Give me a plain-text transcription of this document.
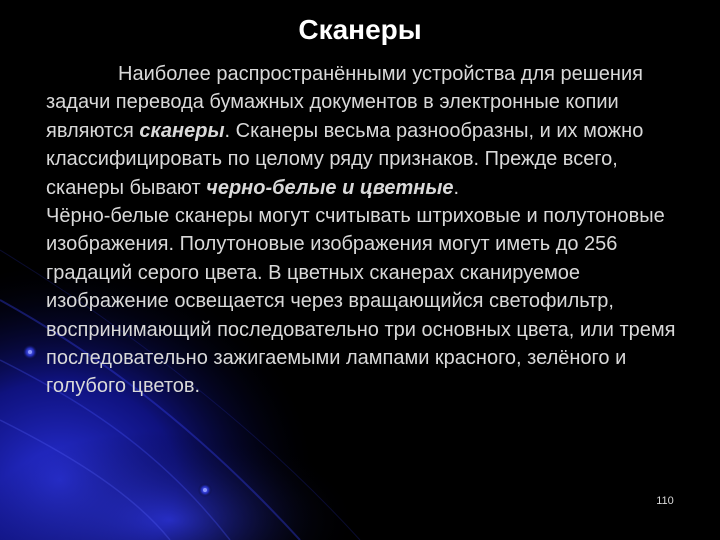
Сканеры

Наиболее распространёнными устройства для решения задачи перевода бумажных документов в электронные копии являются сканеры. Сканеры весьма разнообразны, и их можно классифицировать по целому ряду признаков. Прежде всего, сканеры бывают черно-белые и цветные.

Чёрно-белые сканеры могут считывать штриховые и полутоновые изображения. Полутоновые изображения могут иметь до 256 градаций серого цвета. В цветных сканерах сканируемое изображение освещается через вращающийся светофильтр, воспринимающий последовательно три основных цвета, или тремя последовательно зажигаемыми лампами красного, зелёного и голубого цветов.

110
